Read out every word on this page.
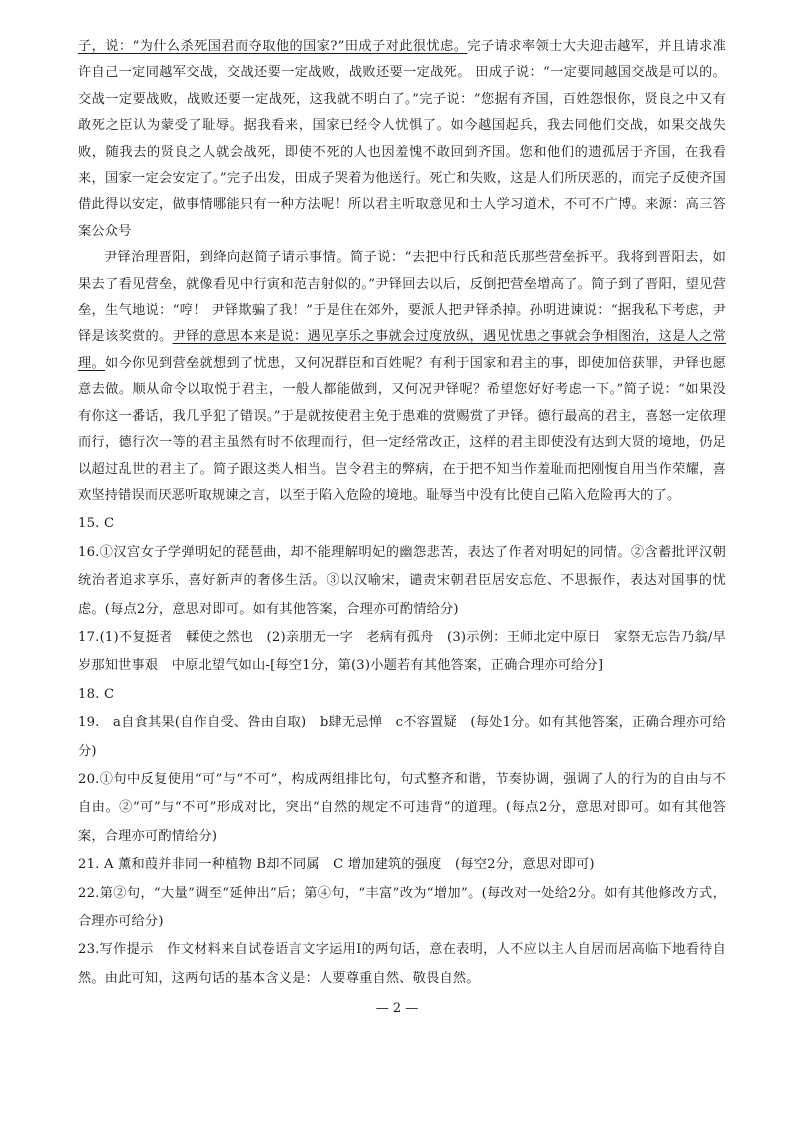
子，说：“为什么杀死国君而夺取他的国家?”田成子对此很忧虑。完子请求率领士大夫迎击越军，并且请求准许自己一定同越军交战，交战还要一定战败，战败还要一定战死。 田成子说：“一定要同越国交战是可以的。交战一定要战败，战败还要一定战死，这我就不明白了。”完子说：“您据有齐国，百姓怨恨你，贤良之中又有敢死之臣认为蒙受了耻辱。据我看来，国家已经令人忧惧了。如今越国起兵，我去同他们交战，如果交战失败，随我去的贤良之人就会战死，即使不死的人也因羞愧不敢回到齐国。您和他们的遗孤居于齐国，在我看来，国家一定会安定了。”完子出发，田成子哭着为他送行。死亡和失败，这是人们所厌恶的，而完子反使齐国借此得以安定，做事情哪能只有一种方法呢！所以君主听取意见和士人学习道术，不可不广博。来源：高三答案公众号

尹铎治理晋阳，到绛向赵简子请示事情。简子说：“去把中行氏和范氏那些营垒拆平。我将到晋阳去，如果去了看见营垒，就像看见中行寅和范吉射似的。”尹铎回去以后，反倒把营垒增高了。简子到了晋阳，望见营垒，生气地说：“哼！ 尹铎欺骗了我！”于是住在郊外，要派人把尹铎杀掉。孙明进谏说：“据我私下考虑，尹铎是该奖赏的。尹铎的意思本来是说：遇见享乐之事就会过度放纵，遇见忧患之事就会争相图治，这是人之常理。如今你见到营垒就想到了忧患，又何况群臣和百姓呢？有利于国家和君主的事，即使加倍获罪，尹铎也愿意去做。顺从命令以取悦于君主，一般人都能做到，又何况尹铎呢？希望您好好考虑一下。”简子说：“如果没有你这一番话，我几乎犯了错误。”于是就按使君主免于患难的赏赐赏了尹铎。德行最高的君主，喜怒一定依理而行，德行次一等的君主虽然有时不依理而行，但一定经常改正，这样的君主即使没有达到大贤的境地，仍足以超过乱世的君主了。简子跟这类人相当。岂令君主的弊病，在于把不知当作羞耻而把刚愎自用当作荣耀，喜欢坚持错误而厌恶听取规谏之言，以至于陷入危险的境地。耻辱当中没有比使自己陷入危险再大的了。

15. C

16.①汉宫女子学弹明妃的琵琶曲，却不能理解明妃的幽怨悲苦，表达了作者对明妃的同情。②含蓄批评汉朝统治者追求享乐，喜好新声的奢侈生活。③以汉喻宋，谴责宋朝君臣居安忘危、不思振作，表达对国事的忧虑。(每点2分，意思对即可。如有其他答案，合理亦可酌情给分)

17.(1)不复挺者　輮使之然也　(2)亲朋无一字　老病有孤舟　(3)示例：王师北定中原日　家祭无忘告乃翁/早岁那知世事艰　中原北望气如山-[每空1分，第(3)小题若有其他答案，正确合理亦可给分]

18. C

19.　a自食其果(自作自受、咎由自取)　b肆无忌惮　c不容置疑　(每处1分。如有其他答案，正确合理亦可给分)

20.①句中反复使用“可”与“不可”，构成两组排比句，句式整齐和谐，节奏协调，强调了人的行为的自由与不自由。②“可”与“不可”形成对比，突出“自然的规定不可违背”的道理。(每点2分，意思对即可。如有其他答案，合理亦可酌情给分)

21. A 薰和葭并非同一种植物 B却不同属　C 增加建筑的强度　(每空2分，意思对即可)

22.第②句，“大量”调至“延伸出”后；第④句，“丰富”改为“增加”。(每改对一处给2分。如有其他修改方式，合理亦可给分)

23.写作提示　作文材料来自试卷语言文字运用Ⅰ的两句话，意在表明，人不应以主人自居而居高临下地看待自然。由此可知，这两句话的基本含义是：人要尊重自然、敬畏自然。

— 2 —
